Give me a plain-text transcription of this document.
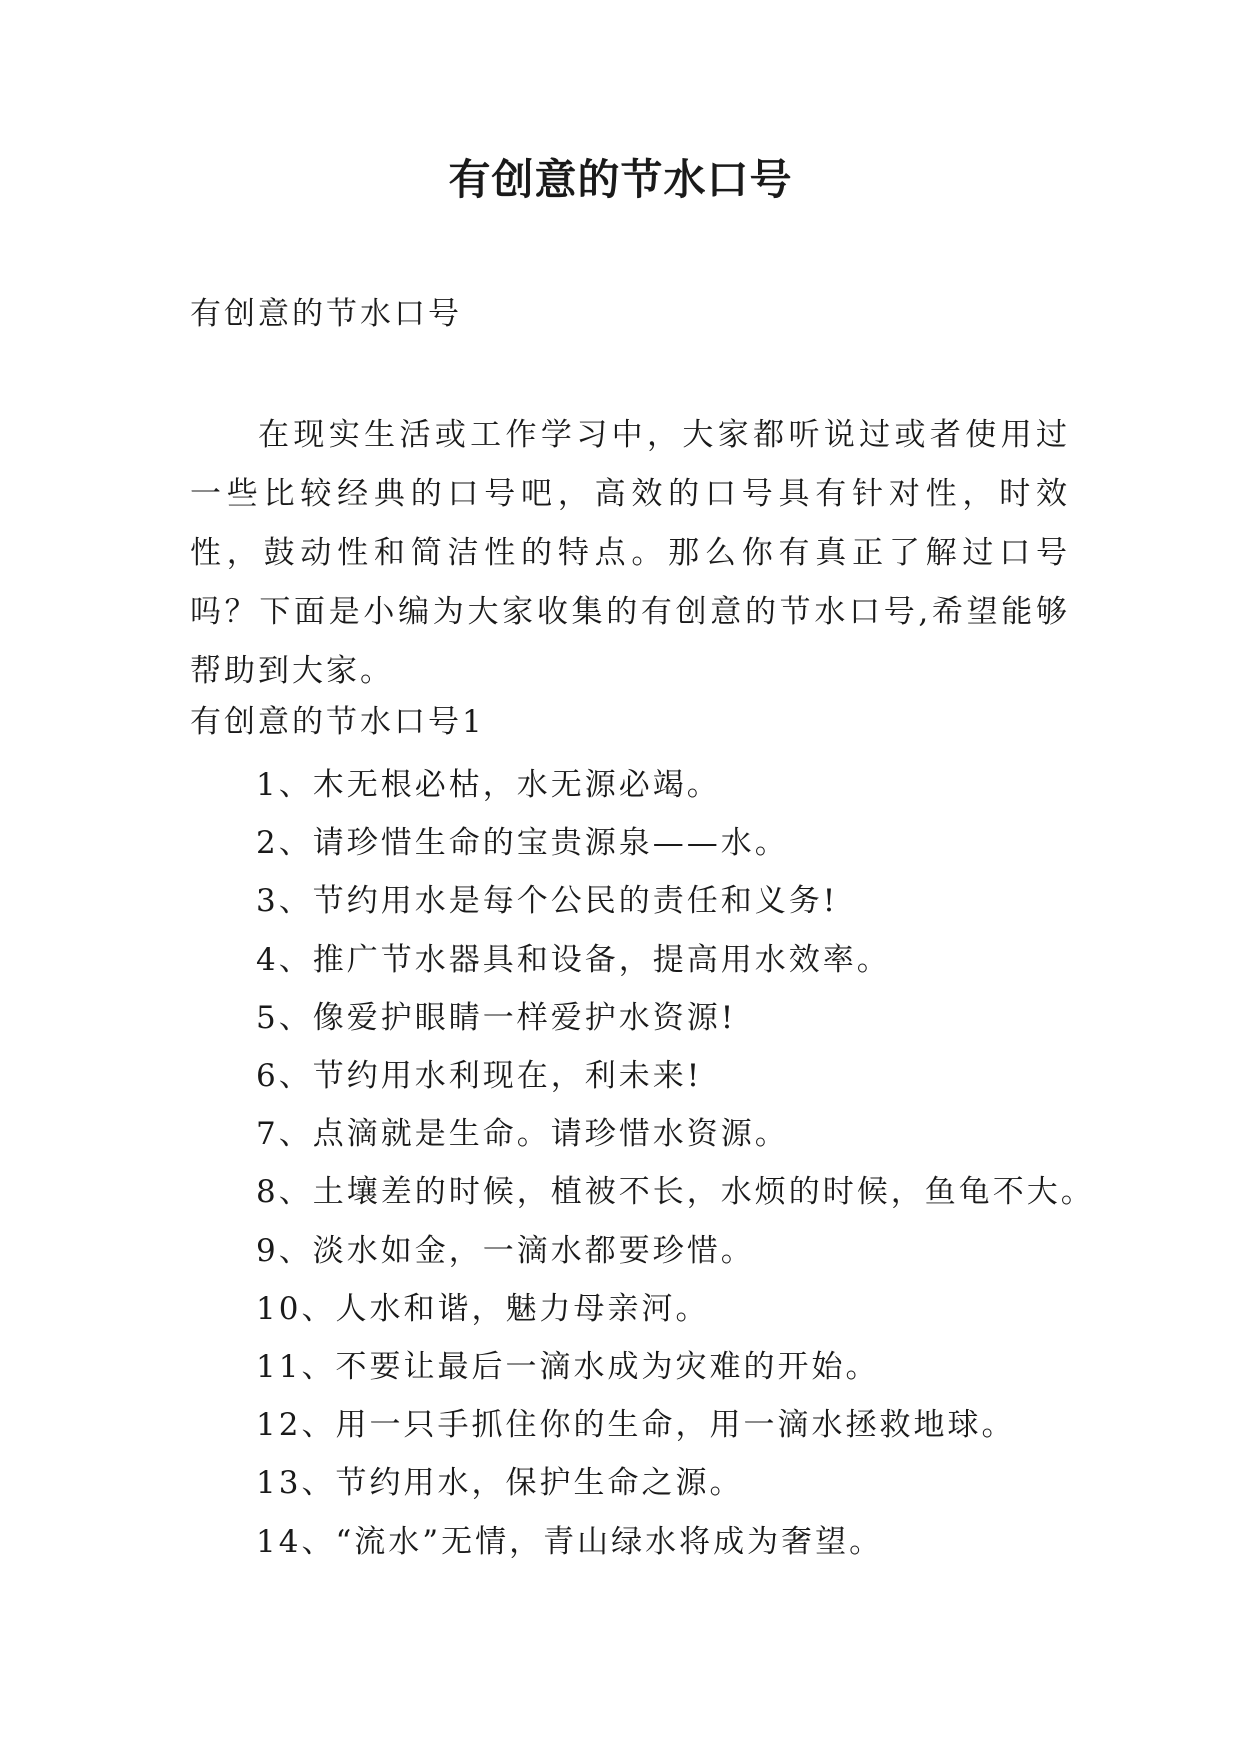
有创意的节水口号

有创意的节水口号

在现实生活或工作学习中，大家都听说过或者使用过一些比较经典的口号吧，高效的口号具有针对性，时效性，鼓动性和简洁性的特点。那么你有真正了解过口号吗？下面是小编为大家收集的有创意的节水口号,希望能够帮助到大家。

有创意的节水口号1

1、木无根必枯，水无源必竭。
2、请珍惜生命的宝贵源泉——水。
3、节约用水是每个公民的责任和义务!
4、推广节水器具和设备，提高用水效率。
5、像爱护眼睛一样爱护水资源!
6、节约用水利现在，利未来!
7、点滴就是生命。请珍惜水资源。
8、土壤差的时候，植被不长，水烦的时候，鱼龟不大。
9、淡水如金，一滴水都要珍惜。
10、人水和谐，魅力母亲河。
11、不要让最后一滴水成为灾难的开始。
12、用一只手抓住你的生命，用一滴水拯救地球。
13、节约用水，保护生命之源。
14、“流水”无情，青山绿水将成为奢望。
